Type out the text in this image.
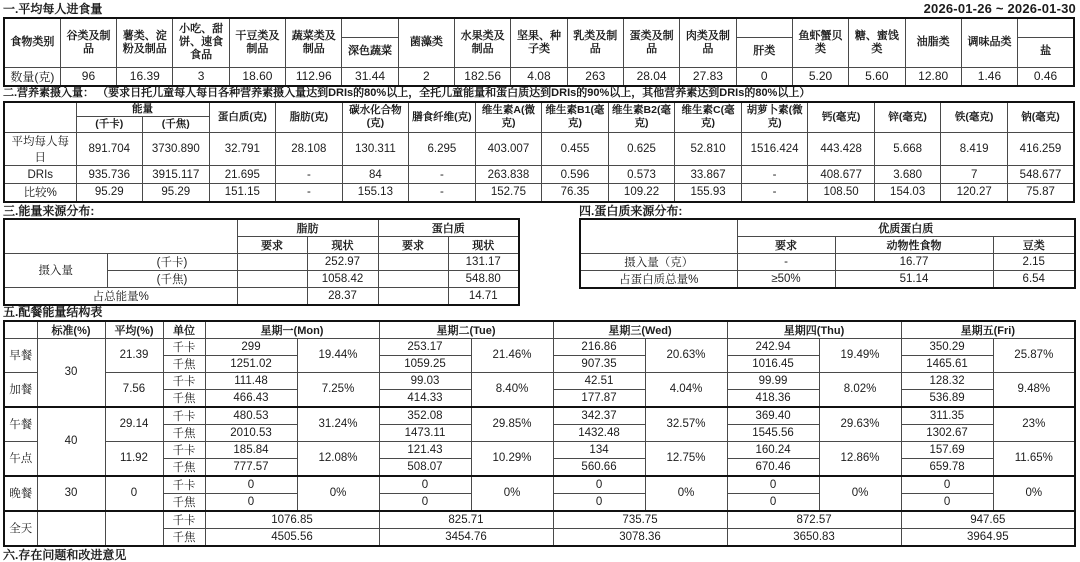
一.平均每人进食量	2026-01-26 ~ 2026-01-30
食物类别	谷类及制品	薯类、淀粉及制品	小吃、甜饼、速食食品	干豆类及制品	蔬菜类及制品		菌藻类	水果类及制品	坚果、种子类	乳类及制品	蛋类及制品	肉类及制品		鱼虾蟹贝类	糖、蜜饯类	油脂类	调味品类	
						深色蔬菜							肝类					盐
数量(克)	96	16.39	3	18.60	112.96	31.44	2	182.56	4.08	263	28.04	27.83	0	5.20	5.60	12.80	1.46	0.46
二.营养素摄入量： （要求日托儿童每人每日各种营养素摄入量达到DRIs的80%以上，全托儿童能量和蛋白质达到DRIs的90%以上，其他营养素达到DRIs的80%以上）
	能量		蛋白质(克)	脂肪(克)	碳水化合物(克)	膳食纤维(克)	维生素A(微克)	维生素B1(毫克)	维生素B2(毫克)	维生素C(毫克)	胡萝卜素(微克)	钙(毫克)	锌(毫克)	铁(毫克)	钠(毫克)
	(千卡)	(千焦)													
平均每人每日	891.704	3730.890	32.791	28.108	130.311	6.295	403.007	0.455	0.625	52.810	1516.424	443.428	5.668	8.419	416.259
DRIs	935.736	3915.117	21.695	-	84	-	263.838	0.596	0.573	33.867	-	408.677	3.680	7	548.677
比较%	95.29	95.29	151.15	-	155.13	-	152.75	76.35	109.22	155.93	-	108.50	154.03	120.27	75.87
三.能量来源分布:
		脂肪		蛋白质	
		要求	现状	要求	现状
摄入量	(千卡)		252.97		131.17
	(千焦)		1058.42		548.80
占总能量%			28.37		14.71
四.蛋白质来源分布:
	优质蛋白质		
	要求	动物性食物	豆类
摄入量（克）	-	16.77	2.15
占蛋白质总量%	≥50%	51.14	6.54
五.配餐能量结构表
	标准(%)	平均(%)	单位	星期一(Mon)		星期二(Tue)		星期三(Wed)		星期四(Thu)		星期五(Fri)	
早餐	30	21.39	千卡	299	19.44%	253.17	21.46%	216.86	20.63%	242.94	19.49%	350.29	25.87%
			千焦	1251.02		1059.25		907.35		1016.45		1465.61	
加餐		7.56	千卡	111.48	7.25%	99.03	8.40%	42.51	4.04%	99.99	8.02%	128.32	9.48%
			千焦	466.43		414.33		177.87		418.36		536.89	
午餐	40	29.14	千卡	480.53	31.24%	352.08	29.85%	342.37	32.57%	369.40	29.63%	311.35	23%
			千焦	2010.53		1473.11		1432.48		1545.56		1302.67	
午点		11.92	千卡	185.84	12.08%	121.43	10.29%	134	12.75%	160.24	12.86%	157.69	11.65%
			千焦	777.57		508.07		560.66		670.46		659.78	
晚餐	30	0	千卡	0	0%	0	0%	0	0%	0	0%	0	0%
			千焦	0		0		0		0		0	
全天			千卡	1076.85		825.71		735.75		872.57		947.65	
			千焦	4505.56		3454.76		3078.36		3650.83		3964.95	
六.存在问题和改进意见
